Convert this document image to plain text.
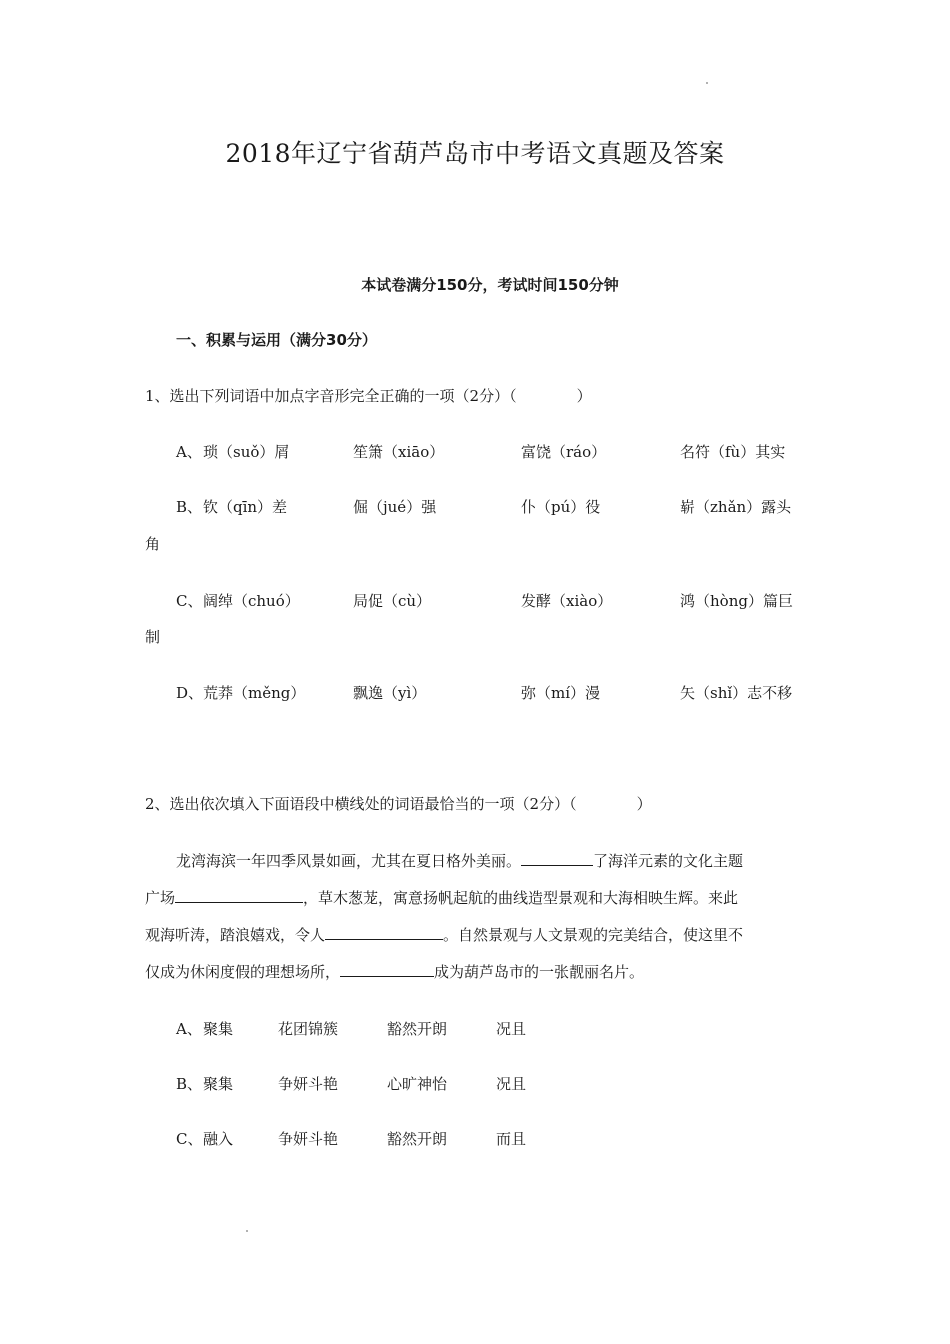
2018年辽宁省葫芦岛市中考语文真题及答案
本试卷满分150分，考试时间150分钟
一、积累与运用（满分30分）
1、选出下列词语中加点字音形完全正确的一项（2分）（　　　　）
A、 琐（suǒ）屑	笙箫（xiāo）	富饶（ráo）	名符（fù）其实
B、 钦（qīn）差	倔（jué）强	仆（pú）役	崭（zhǎn）露头
角
C、 阔绰（chuó）	局促（cù）	发酵（xiào）	鸿（hòng）篇巨
制
D、 荒莽（měng）	飘逸（yì）	弥（mí）漫	矢（shǐ）志不移
2、选出依次填入下面语段中横线处的词语最恰当的一项（2分）（　　　　）
龙湾海滨一年四季风景如画，尤其在夏日格外美丽。	了海洋元素的文化主题
广场	，草木葱茏，寓意扬帆起航的曲线造型景观和大海相映生辉。来此
观海听涛，踏浪嬉戏，令人	。自然景观与人文景观的完美结合，使这里不
仅成为休闲度假的理想场所，	成为葫芦岛市的一张靓丽名片。
A、 聚集	花团锦簇	豁然开朗	况且
B、 聚集	争妍斗艳	心旷神怡	况且
C、 融入	争妍斗艳	豁然开朗	而且
